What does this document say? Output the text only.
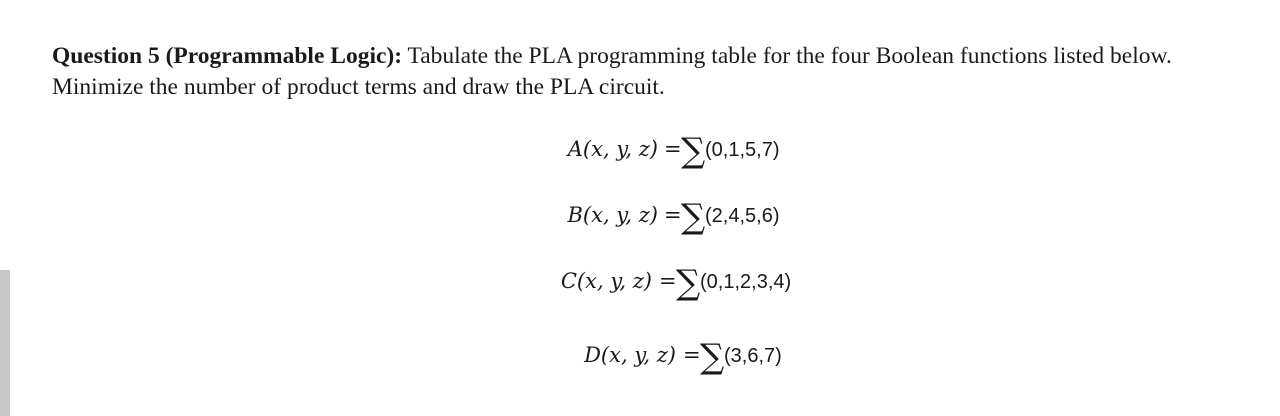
Question 5 (Programmable Logic): Tabulate the PLA programming table for the four Boolean functions listed below. Minimize the number of product terms and draw the PLA circuit.
A(x, y, z) = ∑ (0,1,5,7)
B(x, y, z) = ∑ (2,4,5,6)
C(x, y, z) = ∑ (0,1,2,3,4)
D(x, y, z) = ∑ (3,6,7)
